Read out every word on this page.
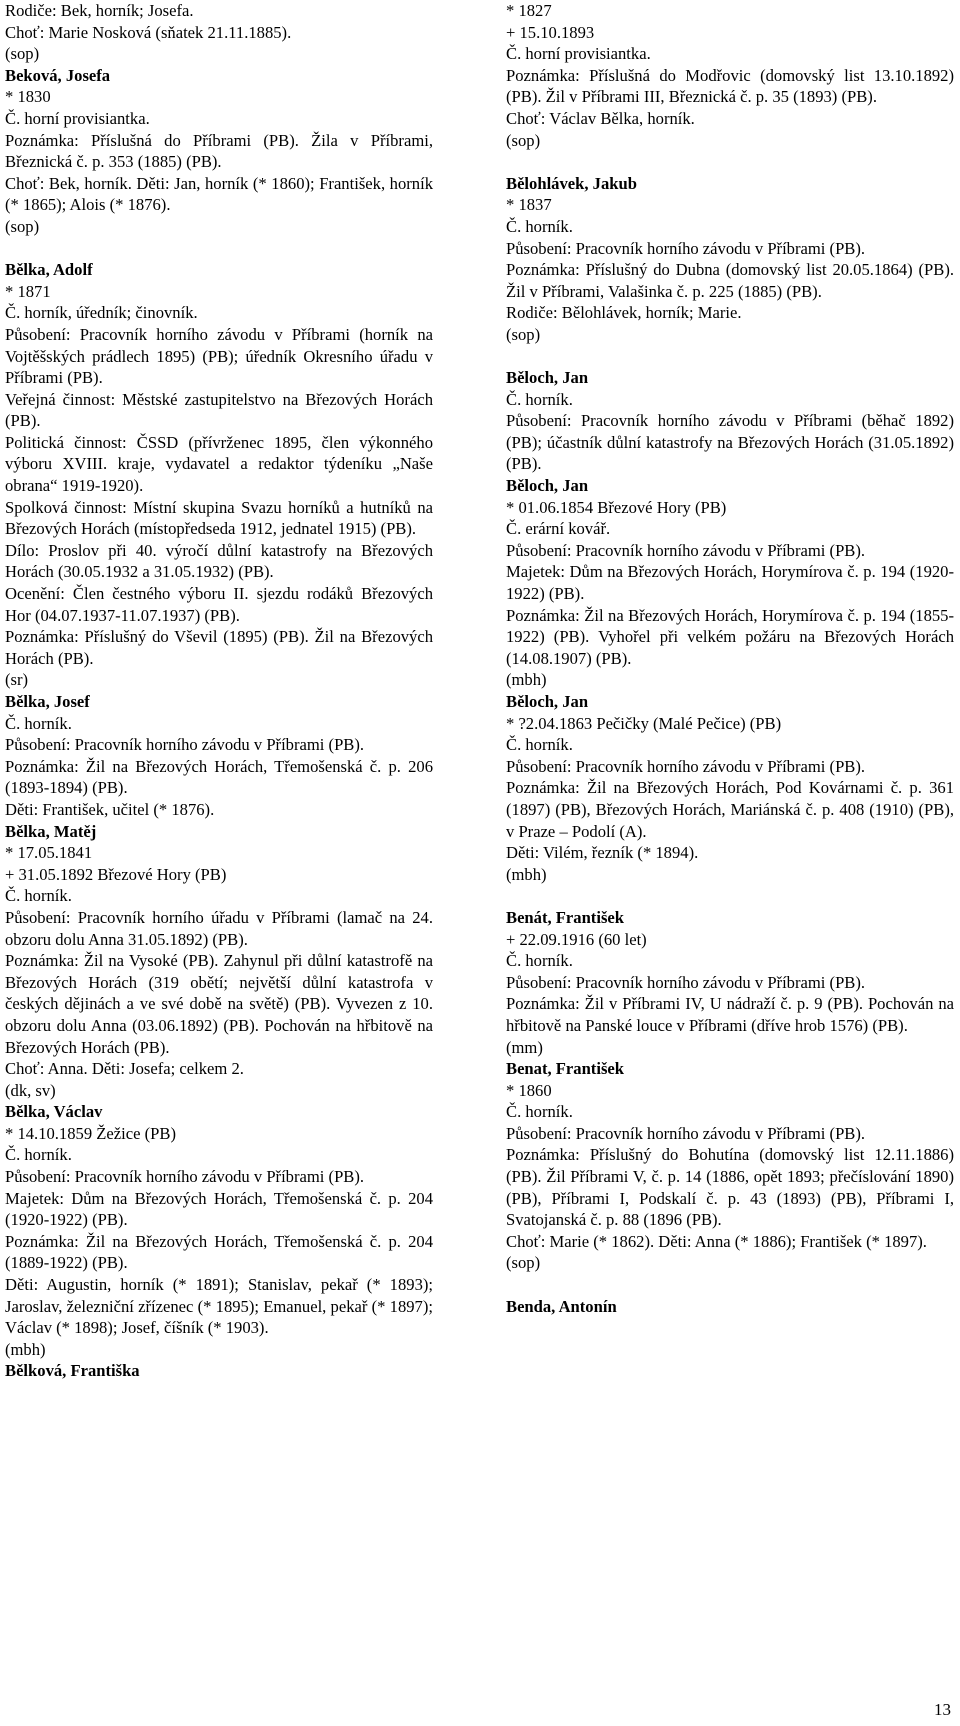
Rodiče: Bek, horník; Josefa.
Choť: Marie Nosková (sňatek 21.11.1885).
(sop)
Beková, Josefa
* 1830
Č. horní provisiantka.
Poznámka: Příslušná do Příbrami (PB). Žila v Příbrami, Březnická č. p. 353 (1885) (PB).
Choť: Bek, horník. Děti: Jan, horník (* 1860); František, horník (* 1865); Alois (* 1876).
(sop)
Bělka, Adolf
* 1871
Č. horník, úředník; činovník.
Působení: Pracovník horního závodu v Příbrami (horník na Vojtěšských prádlech 1895) (PB); úředník Okresního úřadu v Příbrami (PB).
Veřejná činnost: Městské zastupitelstvo na Březových Horách (PB).
Politická činnost: ČSSD (přívrženec 1895, člen výkonného výboru XVIII. kraje, vydavatel a redaktor týdeníku „Naše obrana“ 1919-1920).
Spolková činnost: Místní skupina Svazu horníků a hutníků na Březových Horách (místopředseda 1912, jednatel 1915) (PB).
Dílo: Proslov při 40. výročí důlní katastrofy na Březových Horách (30.05.1932 a 31.05.1932) (PB).
Ocenění: Člen čestného výboru II. sjezdu rodáků Březových Hor (04.07.1937-11.07.1937) (PB).
Poznámka: Příslušný do Vševil (1895) (PB). Žil na Březových Horách (PB).
(sr)
Bělka, Josef
Č. horník.
Působení: Pracovník horního závodu v Příbrami (PB).
Poznámka: Žil na Březových Horách, Třemošenská č. p. 206 (1893-1894) (PB).
Děti: František, učitel (* 1876).
Bělka, Matěj
* 17.05.1841
+ 31.05.1892 Březové Hory (PB)
Č. horník.
Působení: Pracovník horního úřadu v Příbrami (lamač na 24. obzoru dolu Anna 31.05.1892) (PB).
Poznámka: Žil na Vysoké (PB). Zahynul při důlní katastrofě na Březových Horách (319 obětí; největší důlní katastrofa v českých dějinách a ve své době na světě) (PB). Vyvezen z 10. obzoru dolu Anna (03.06.1892) (PB). Pochován na hřbitově na Březových Horách (PB).
Choť: Anna. Děti: Josefa; celkem 2.
(dk, sv)
Bělka, Václav
* 14.10.1859 Žežice (PB)
Č. horník.
Působení: Pracovník horního závodu v Příbrami (PB).
Majetek: Dům na Březových Horách, Třemošenská č. p. 204 (1920-1922) (PB).
Poznámka: Žil na Březových Horách, Třemošenská č. p. 204 (1889-1922) (PB).
Děti: Augustin, horník (* 1891); Stanislav, pekař (* 1893); Jaroslav, železniční zřízenec (* 1895); Emanuel, pekař (* 1897); Václav (* 1898); Josef, číšník (* 1903).
(mbh)
Bělková, Františka
* 1827
+ 15.10.1893
Č. horní provisiantka.
Poznámka: Příslušná do Modřovic (domovský list 13.10.1892) (PB). Žil v Příbrami III, Březnická č. p. 35 (1893) (PB).
Choť: Václav Bělka, horník.
(sop)
Bělohlávek, Jakub
* 1837
Č. horník.
Působení: Pracovník horního závodu v Příbrami (PB).
Poznámka: Příslušný do Dubna (domovský list 20.05.1864) (PB). Žil v Příbrami, Valašinka č. p. 225 (1885) (PB).
Rodiče: Bělohlávek, horník; Marie.
(sop)
Běloch, Jan
Č. horník.
Působení: Pracovník horního závodu v Příbrami (běhač 1892) (PB); účastník důlní katastrofy na Březových Horách (31.05.1892) (PB).
Běloch, Jan
* 01.06.1854 Březové Hory (PB)
Č. erární kovář.
Působení: Pracovník horního závodu v Příbrami (PB).
Majetek: Dům na Březových Horách, Horymírova č. p. 194 (1920-1922) (PB).
Poznámka: Žil na Březových Horách, Horymírova č. p. 194 (1855-1922) (PB). Vyhořel při velkém požáru na Březových Horách (14.08.1907) (PB).
(mbh)
Běloch, Jan
* ?2.04.1863 Pečičky (Malé Pečice) (PB)
Č. horník.
Působení: Pracovník horního závodu v Příbrami (PB).
Poznámka: Žil na Březových Horách, Pod Kovárnami č. p. 361 (1897) (PB), Březových Horách, Mariánská č. p. 408 (1910) (PB), v Praze – Podolí (A).
Děti: Vilém, řezník (* 1894).
(mbh)
Benát, František
+ 22.09.1916 (60 let)
Č. horník.
Působení: Pracovník horního závodu v Příbrami (PB).
Poznámka: Žil v Příbrami IV, U nádraží č. p. 9 (PB). Pochován na hřbitově na Panské louce v Příbrami (dříve hrob 1576) (PB).
(mm)
Benat, František
* 1860
Č. horník.
Působení: Pracovník horního závodu v Příbrami (PB).
Poznámka: Příslušný do Bohutína (domovský list 12.11.1886) (PB). Žil Příbrami V, č. p. 14 (1886, opět 1893; přečíslování 1890) (PB), Příbrami I, Podskalí č. p. 43 (1893) (PB), Příbrami I, Svatojanská č. p. 88 (1896 (PB).
Choť: Marie (* 1862). Děti: Anna (* 1886); František (* 1897).
(sop)
Benda, Antonín
13
